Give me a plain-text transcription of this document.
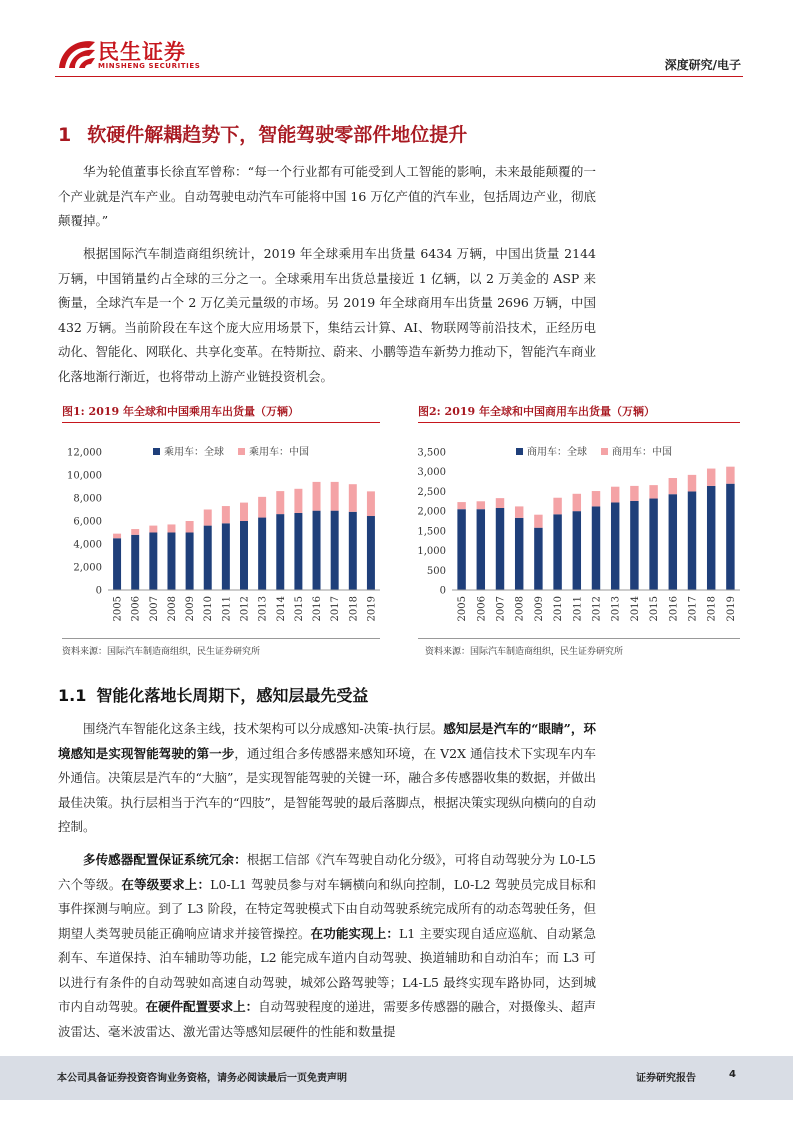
民生证券
MINSHENG SECURITIES	深度研究/电子
1 软硬件解耦趋势下，智能驾驶零部件地位提升

华为轮值董事长徐直军曾称：“每一个行业都有可能受到人工智能的影响，未来最能颠覆的一个产业就是汽车产业。自动驾驶电动汽车可能将中国 16 万亿产值的汽车业，包括周边产业，彻底颠覆掉。”

根据国际汽车制造商组织统计，2019 年全球乘用车出货量 6434 万辆，中国出货量 2144 万辆，中国销量约占全球的三分之一。全球乘用车出货总量接近 1 亿辆，以 2 万美金的 ASP 来衡量，全球汽车是一个 2 万亿美元量级的市场。另 2019 年全球商用车出货量 2696 万辆，中国 432 万辆。当前阶段在车这个庞大应用场景下，集结云计算、AI、物联网等前沿技术，正经历电动化、智能化、网联化、共享化变革。在特斯拉、蔚来、小鹏等造车新势力推动下，智能汽车商业化落地渐行渐近，也将带动上游产业链投资机会。

图1: 2019 年全球和中国乘用车出货量（万辆）	图2: 2019 年全球和中国商用车出货量（万辆）
乘用车：全球	乘用车：中国
0
2,000
4,000
6,000
8,000
10,000
12,000
2005 2006 2007 2008 2009 2010 2011 2012 2013 2014 2015 2016 2017 2018 2019
商用车：全球	商用车：中国
0
500
1,000
1,500
2,000
2,500
3,000
3,500
2005 2006 2007 2008 2009 2010 2011 2012 2013 2014 2015 2016 2017 2018 2019
资料来源：国际汽车制造商组织，民生证券研究所	资料来源：国际汽车制造商组织，民生证券研究所
1.1 智能化落地长周期下，感知层最先受益

围绕汽车智能化这条主线，技术架构可以分成感知-决策-执行层。感知层是汽车的“眼睛”，环境感知是实现智能驾驶的第一步，通过组合多传感器来感知环境，在 V2X 通信技术下实现车内车外通信。决策层是汽车的“大脑”，是实现智能驾驶的关键一环，融合多传感器收集的数据，并做出最佳决策。执行层相当于汽车的“四肢”，是智能驾驶的最后落脚点，根据决策实现纵向横向的自动控制。

多传感器配置保证系统冗余：根据工信部《汽车驾驶自动化分级》，可将自动驾驶分为 L0-L5 六个等级。在等级要求上：L0-L1 驾驶员参与对车辆横向和纵向控制，L0-L2 驾驶员完成目标和事件探测与响应。到了 L3 阶段，在特定驾驶模式下由自动驾驶系统完成所有的动态驾驶任务，但期望人类驾驶员能正确响应请求并接管操控。在功能实现上：L1 主要实现自适应巡航、自动紧急刹车、车道保持、泊车辅助等功能，L2 能完成车道内自动驾驶、换道辅助和自动泊车；而 L3 可以进行有条件的自动驾驶如高速自动驾驶，城郊公路驾驶等；L4-L5 最终实现车路协同，达到城市内自动驾驶。在硬件配置要求上：自动驾驶程度的递进，需要多传感器的融合，对摄像头、超声波雷达、毫米波雷达、激光雷达等感知层硬件的性能和数量提

本公司具备证券投资咨询业务资格，请务必阅读最后一页免责声明	证券研究报告	4
